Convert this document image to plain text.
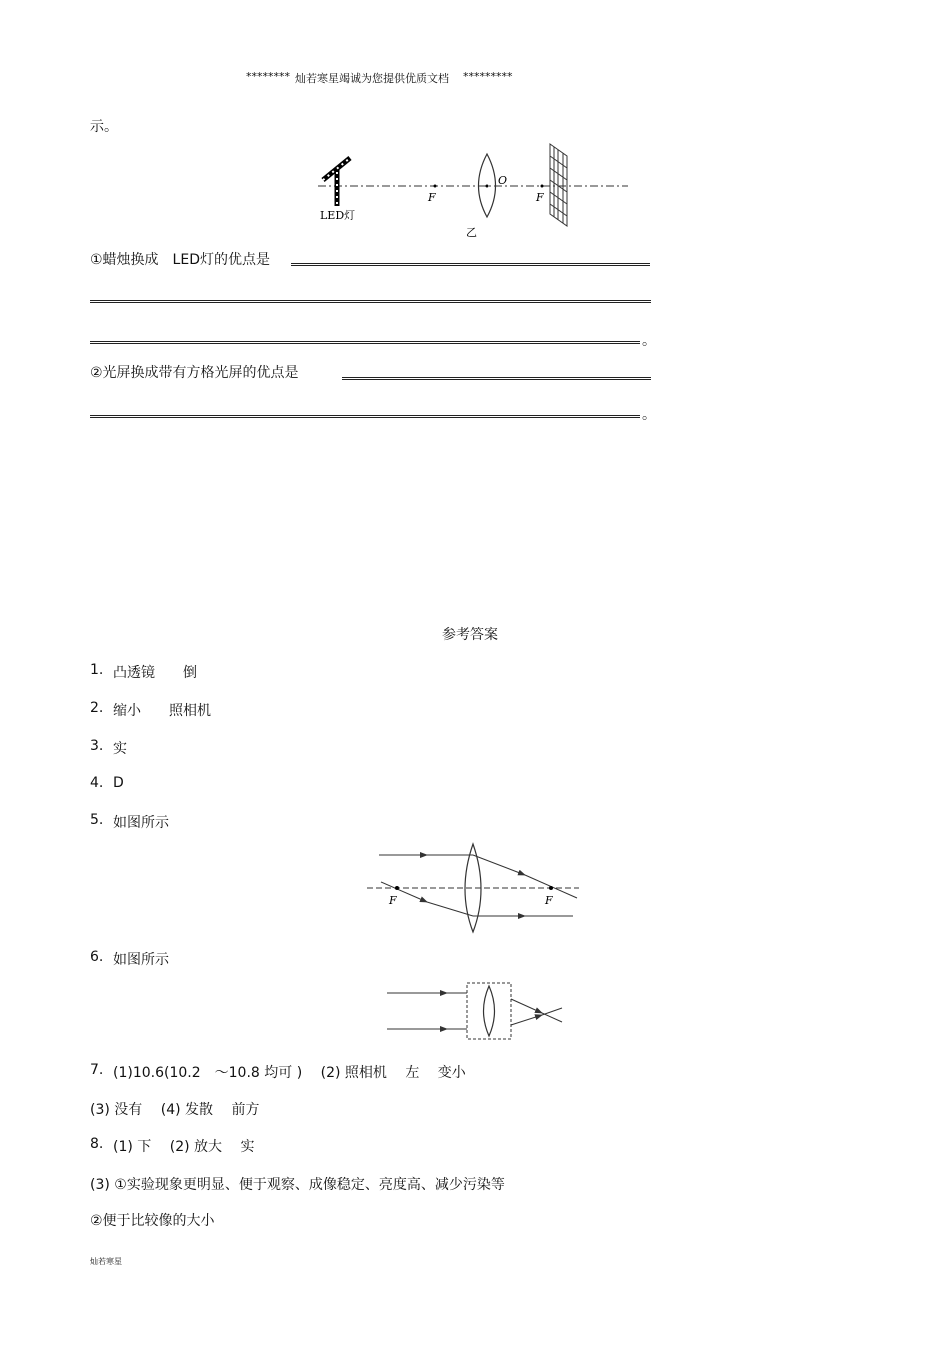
******** 灿若寒星竭诚为您提供优质文档 *********
示。
LED灯
F
O
F
乙
①蜡烛换成　LED灯的优点是
。
②光屏换成带有方格光屏的优点是
。
参考答案
1. 凸透镜　　倒
2. 缩小　　照相机
3. 实
4. D
5. 如图所示
F	F
6. 如图所示
7. (1)10.6(10.2　～10.8 均可 )　 (2) 照相机　 左　 变小
(3) 没有　 (4) 发散　 前方
8. (1) 下　 (2) 放大　 实
(3) ①实验现象更明显、便于观察、成像稳定、亮度高、减少污染等
②便于比较像的大小
灿若寒星
